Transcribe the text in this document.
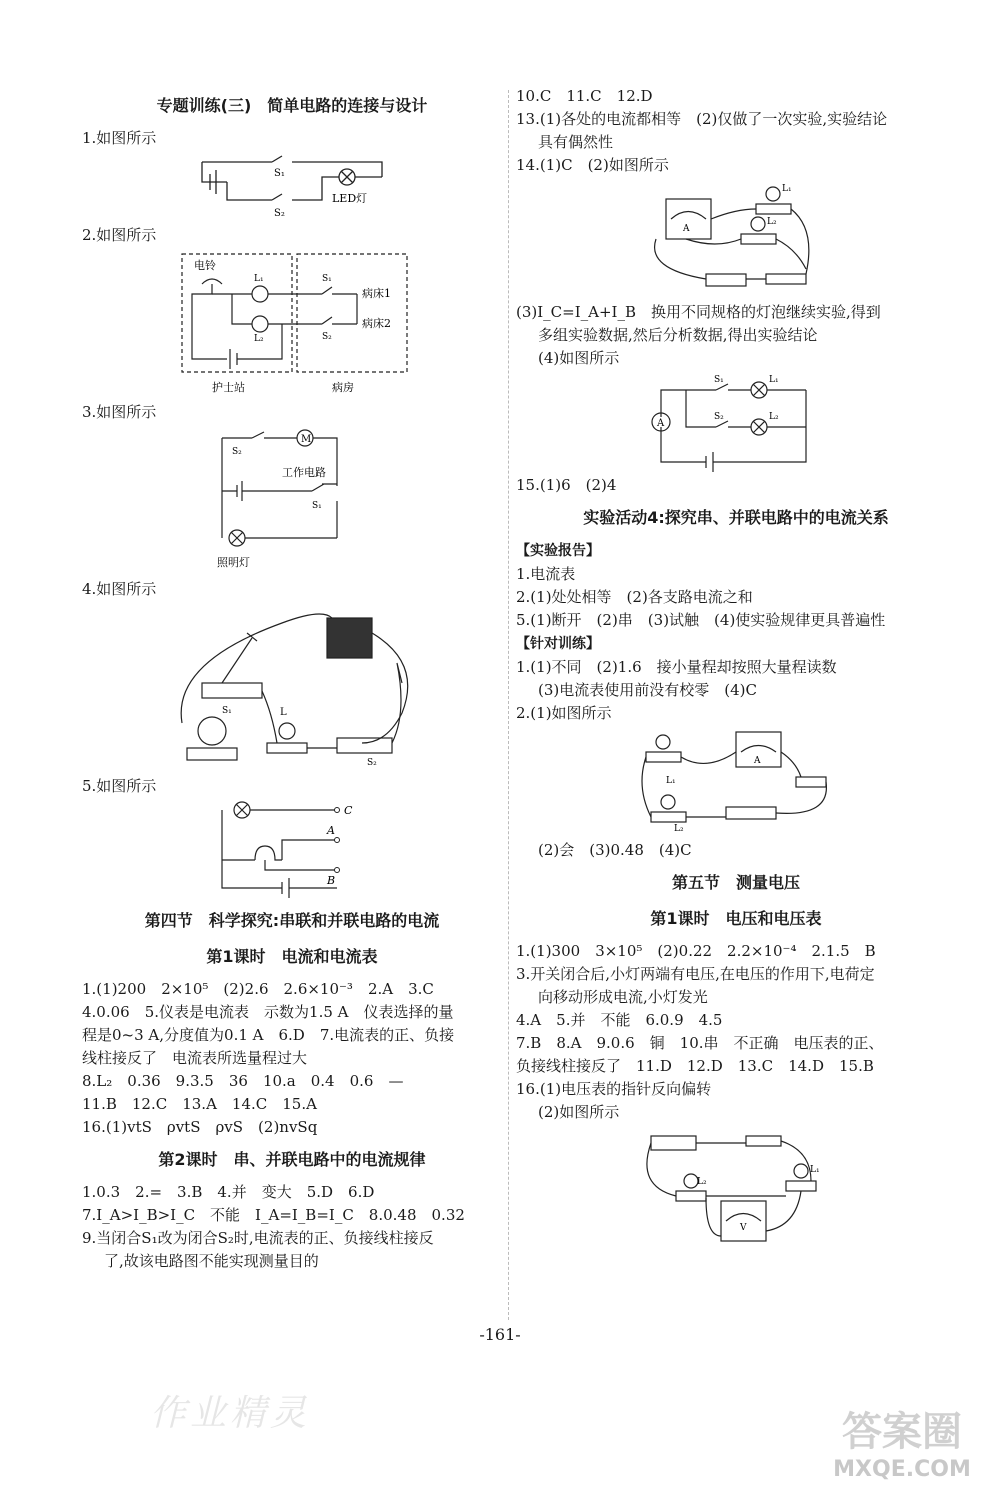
专题训练(三)　简单电路的连接与设计
1.如图所示
S₁
S₂
LED灯
2.如图所示
电铃
L₁
L₂
S₁
S₂
病床1
病床2
护士站	病房
3.如图所示
M
S₂
工作电路
S₁
照明灯
4.如图所示
S₁	L
S₂
5.如图所示
C
A
B
第四节　科学探究:串联和并联电路的电流
第1课时　电流和电流表
1.(1)200　2×10⁵　(2)2.6　2.6×10⁻³　2.A　3.C
4.0.06　5.仪表是电流表　示数为1.5 A　仪表选择的量
程是0~3 A,分度值为0.1 A　6.D　7.电流表的正、负接
线柱接反了　电流表所选量程过大
8.L₂　0.36　9.3.5　36　10.a　0.4　0.6　—
11.B　12.C　13.A　14.C　15.A
16.(1)vtS　ρvtS　ρvS　(2)nvSq
第2课时　串、并联电路中的电流规律
1.0.3　2.=　3.B　4.并　变大　5.D　6.D
7.I_A>I_B>I_C　不能　I_A=I_B=I_C　8.0.48　0.32
9.当闭合S₁改为闭合S₂时,电流表的正、负接线柱接反
了,故该电路图不能实现测量目的
10.C　11.C　12.D
13.(1)各处的电流都相等　(2)仅做了一次实验,实验结论
具有偶然性
14.(1)C　(2)如图所示
A
L₁
L₂
(3)I_C=I_A+I_B　换用不同规格的灯泡继续实验,得到
多组实验数据,然后分析数据,得出实验结论
(4)如图所示
A
S₁	L₁
S₂	L₂
15.(1)6　(2)4
实验活动4:探究串、并联电路中的电流关系
【实验报告】
1.电流表
2.(1)处处相等　(2)各支路电流之和
5.(1)断开　(2)串　(3)试触　(4)使实验规律更具普遍性
【针对训练】
1.(1)不同　(2)1.6　接小量程却按照大量程读数
(3)电流表使用前没有校零　(4)C
2.(1)如图所示
A
L₁
L₂
(2)会　(3)0.48　(4)C
第五节　测量电压
第1课时　电压和电压表
1.(1)300　3×10⁵　(2)0.22　2.2×10⁻⁴　2.1.5　B
3.开关闭合后,小灯两端有电压,在电压的作用下,电荷定
向移动形成电流,小灯发光
4.A　5.并　不能　6.0.9　4.5
7.B　8.A　9.0.6　铜　10.串　不正确　电压表的正、
负接线柱接反了　11.D　12.D　13.C　14.D　15.B
16.(1)电压表的指针反向偏转
(2)如图所示
V
L₂
L₁
-161-
作业精灵	答案圈
MXQE.COM
